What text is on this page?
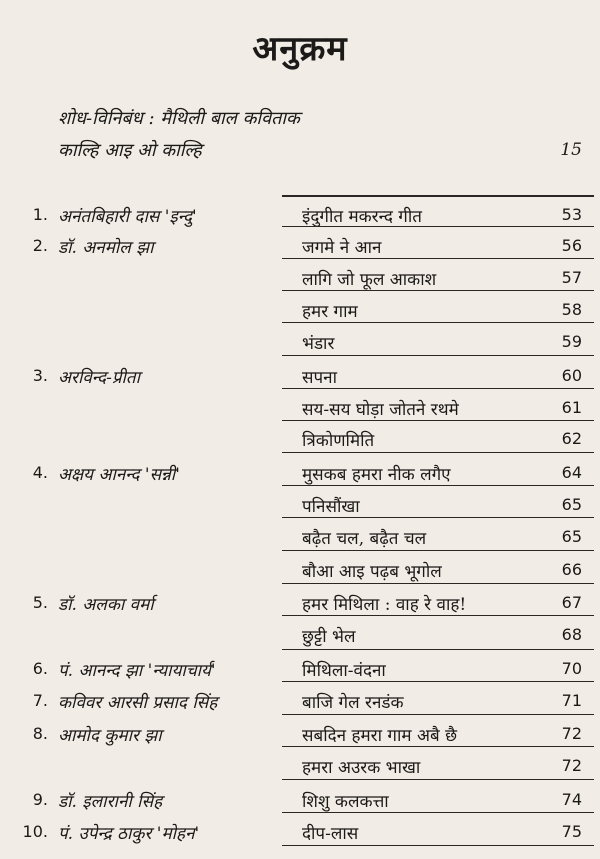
अनुक्रम
शोध-विनिबंध : मैथिली बाल कविताक
काल्हि आइ ओ काल्हि	15
1. अनंतबिहारी दास 'इन्दु'	इंदुगीत मकरन्द गीत	53
2. डॉ. अनमोल झा	जगमे ने आन	56
लागि जो फूल आकाश	57
हमर गाम	58
भंडार	59
3. अरविन्द-प्रीता	सपना	60
सय-सय घोड़ा जोतने रथमे	61
त्रिकोणमिति	62
4. अक्षय आनन्द 'सन्नी'	मुसकब हमरा नीक लगैए	64
पनिसौंखा	65
बढ़ैत चल, बढ़ैत चल	65
बौआ आइ पढ़ब भूगोल	66
5. डॉ. अलका वर्मा	हमर मिथिला : वाह रे वाह!	67
छुट्टी भेल	68
6. पं. आनन्द झा 'न्यायाचार्य'	मिथिला-वंदना	70
7. कविवर आरसी प्रसाद सिंह	बाजि गेल रनडंक	71
8. आमोद कुमार झा	सबदिन हमरा गाम अबै छै	72
हमरा अउरक भाखा	72
9. डॉ. इलारानी सिंह	शिशु कलकत्ता	74
10. पं. उपेन्द्र ठाकुर 'मोहन'	दीप-लास	75
